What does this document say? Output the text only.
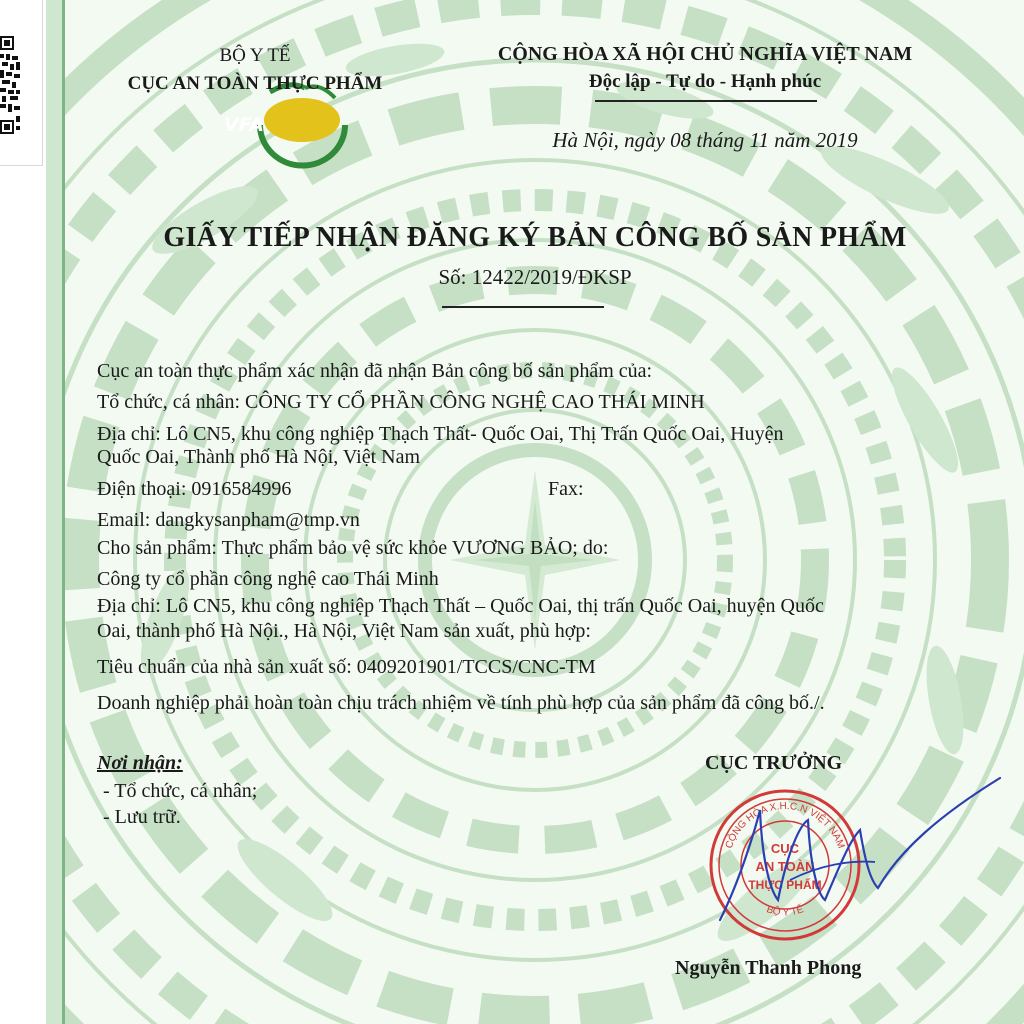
BỘ Y TẾ
CỤC AN TOÀN THỰC PHẨM
VFA
CỘNG HÒA XÃ HỘI CHỦ NGHĨA VIỆT NAM
Độc lập - Tự do - Hạnh phúc
Hà Nội, ngày 08 tháng 11 năm 2019
GIẤY TIẾP NHẬN ĐĂNG KÝ BẢN CÔNG BỐ SẢN PHẨM
Số: 12422/2019/ĐKSP
Cục an toàn thực phẩm xác nhận đã nhận Bản công bố sản phẩm của:
Tổ chức, cá nhân: CÔNG TY CỔ PHẦN CÔNG NGHỆ CAO THÁI MINH
Địa chỉ: Lô CN5, khu công nghiệp Thạch Thất- Quốc Oai, Thị Trấn Quốc Oai, Huyện
Quốc Oai, Thành phố Hà Nội, Việt Nam
Điện thoại: 0916584996	Fax:
Email: dangkysanpham@tmp.vn
Cho sản phẩm: Thực phẩm bảo vệ sức khỏe VƯƠNG BẢO; do:
Công ty cổ phần công nghệ cao Thái Minh
Địa chỉ: Lô CN5, khu công nghiệp Thạch Thất – Quốc Oai, thị trấn Quốc Oai, huyện Quốc
Oai, thành phố Hà Nội., Hà Nội, Việt Nam sản xuất, phù hợp:
Tiêu chuẩn của nhà sản xuất số: 0409201901/TCCS/CNC-TM
Doanh nghiệp phải hoàn toàn chịu trách nhiệm về tính phù hợp của sản phẩm đã công bố./.
Nơi nhận:
- Tổ chức, cá nhân;
- Lưu trữ.
CỤC TRƯỞNG
CỘNG HÒA X.H.C.N VIỆT NAM
BỘ Y TẾ
CỤC
AN TOÀN
THỰC PHẨM
Nguyễn Thanh Phong
